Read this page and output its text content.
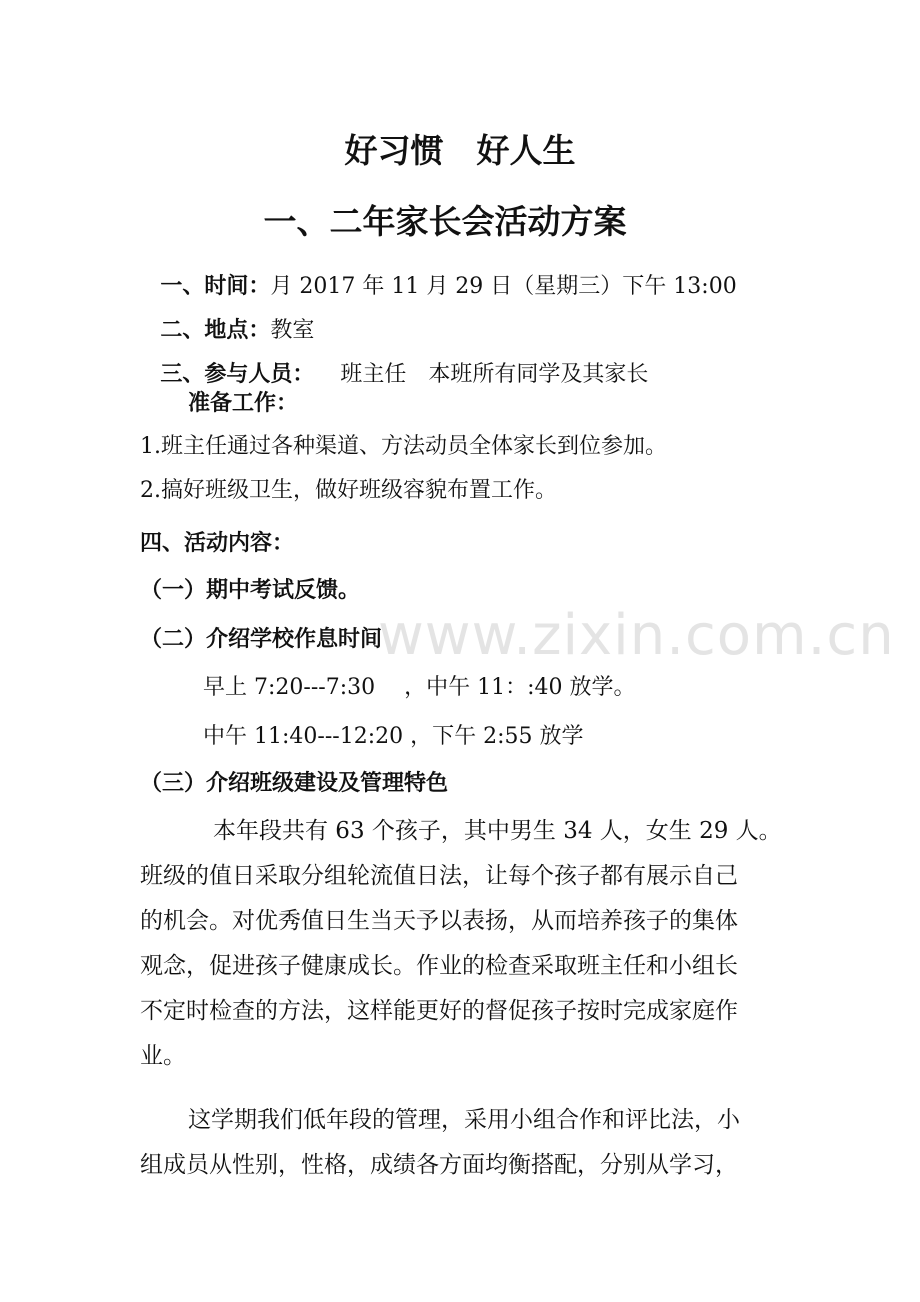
www.zixin.com.cn
好习惯　好人生
一、二年家长会活动方案

一、时间：月 2017 年 11 月 29 日（星期三）下午 13:00

二、地点：教室

三、参与人员： 班主任　本班所有同学及其家长

准备工作：
1.班主任通过各种渠道、方法动员全体家长到位参加。
2.搞好班级卫生，做好班级容貌布置工作。
四、活动内容：
（一）期中考试反馈。
（二）介绍学校作息时间
早上 7:20---7:30　 ，中午 11：:40 放学。
中午 11:40---12:20 ，下午 2:55 放学
（三）介绍班级建设及管理特色
本年段共有 63 个孩子，其中男生 34 人，女生 29 人。
班级的值日采取分组轮流值日法，让每个孩子都有展示自己
的机会。对优秀值日生当天予以表扬，从而培养孩子的集体
观念，促进孩子健康成长。作业的检查采取班主任和小组长
不定时检查的方法，这样能更好的督促孩子按时完成家庭作
业。
这学期我们低年段的管理，采用小组合作和评比法，小
组成员从性别，性格，成绩各方面均衡搭配，分别从学习，
